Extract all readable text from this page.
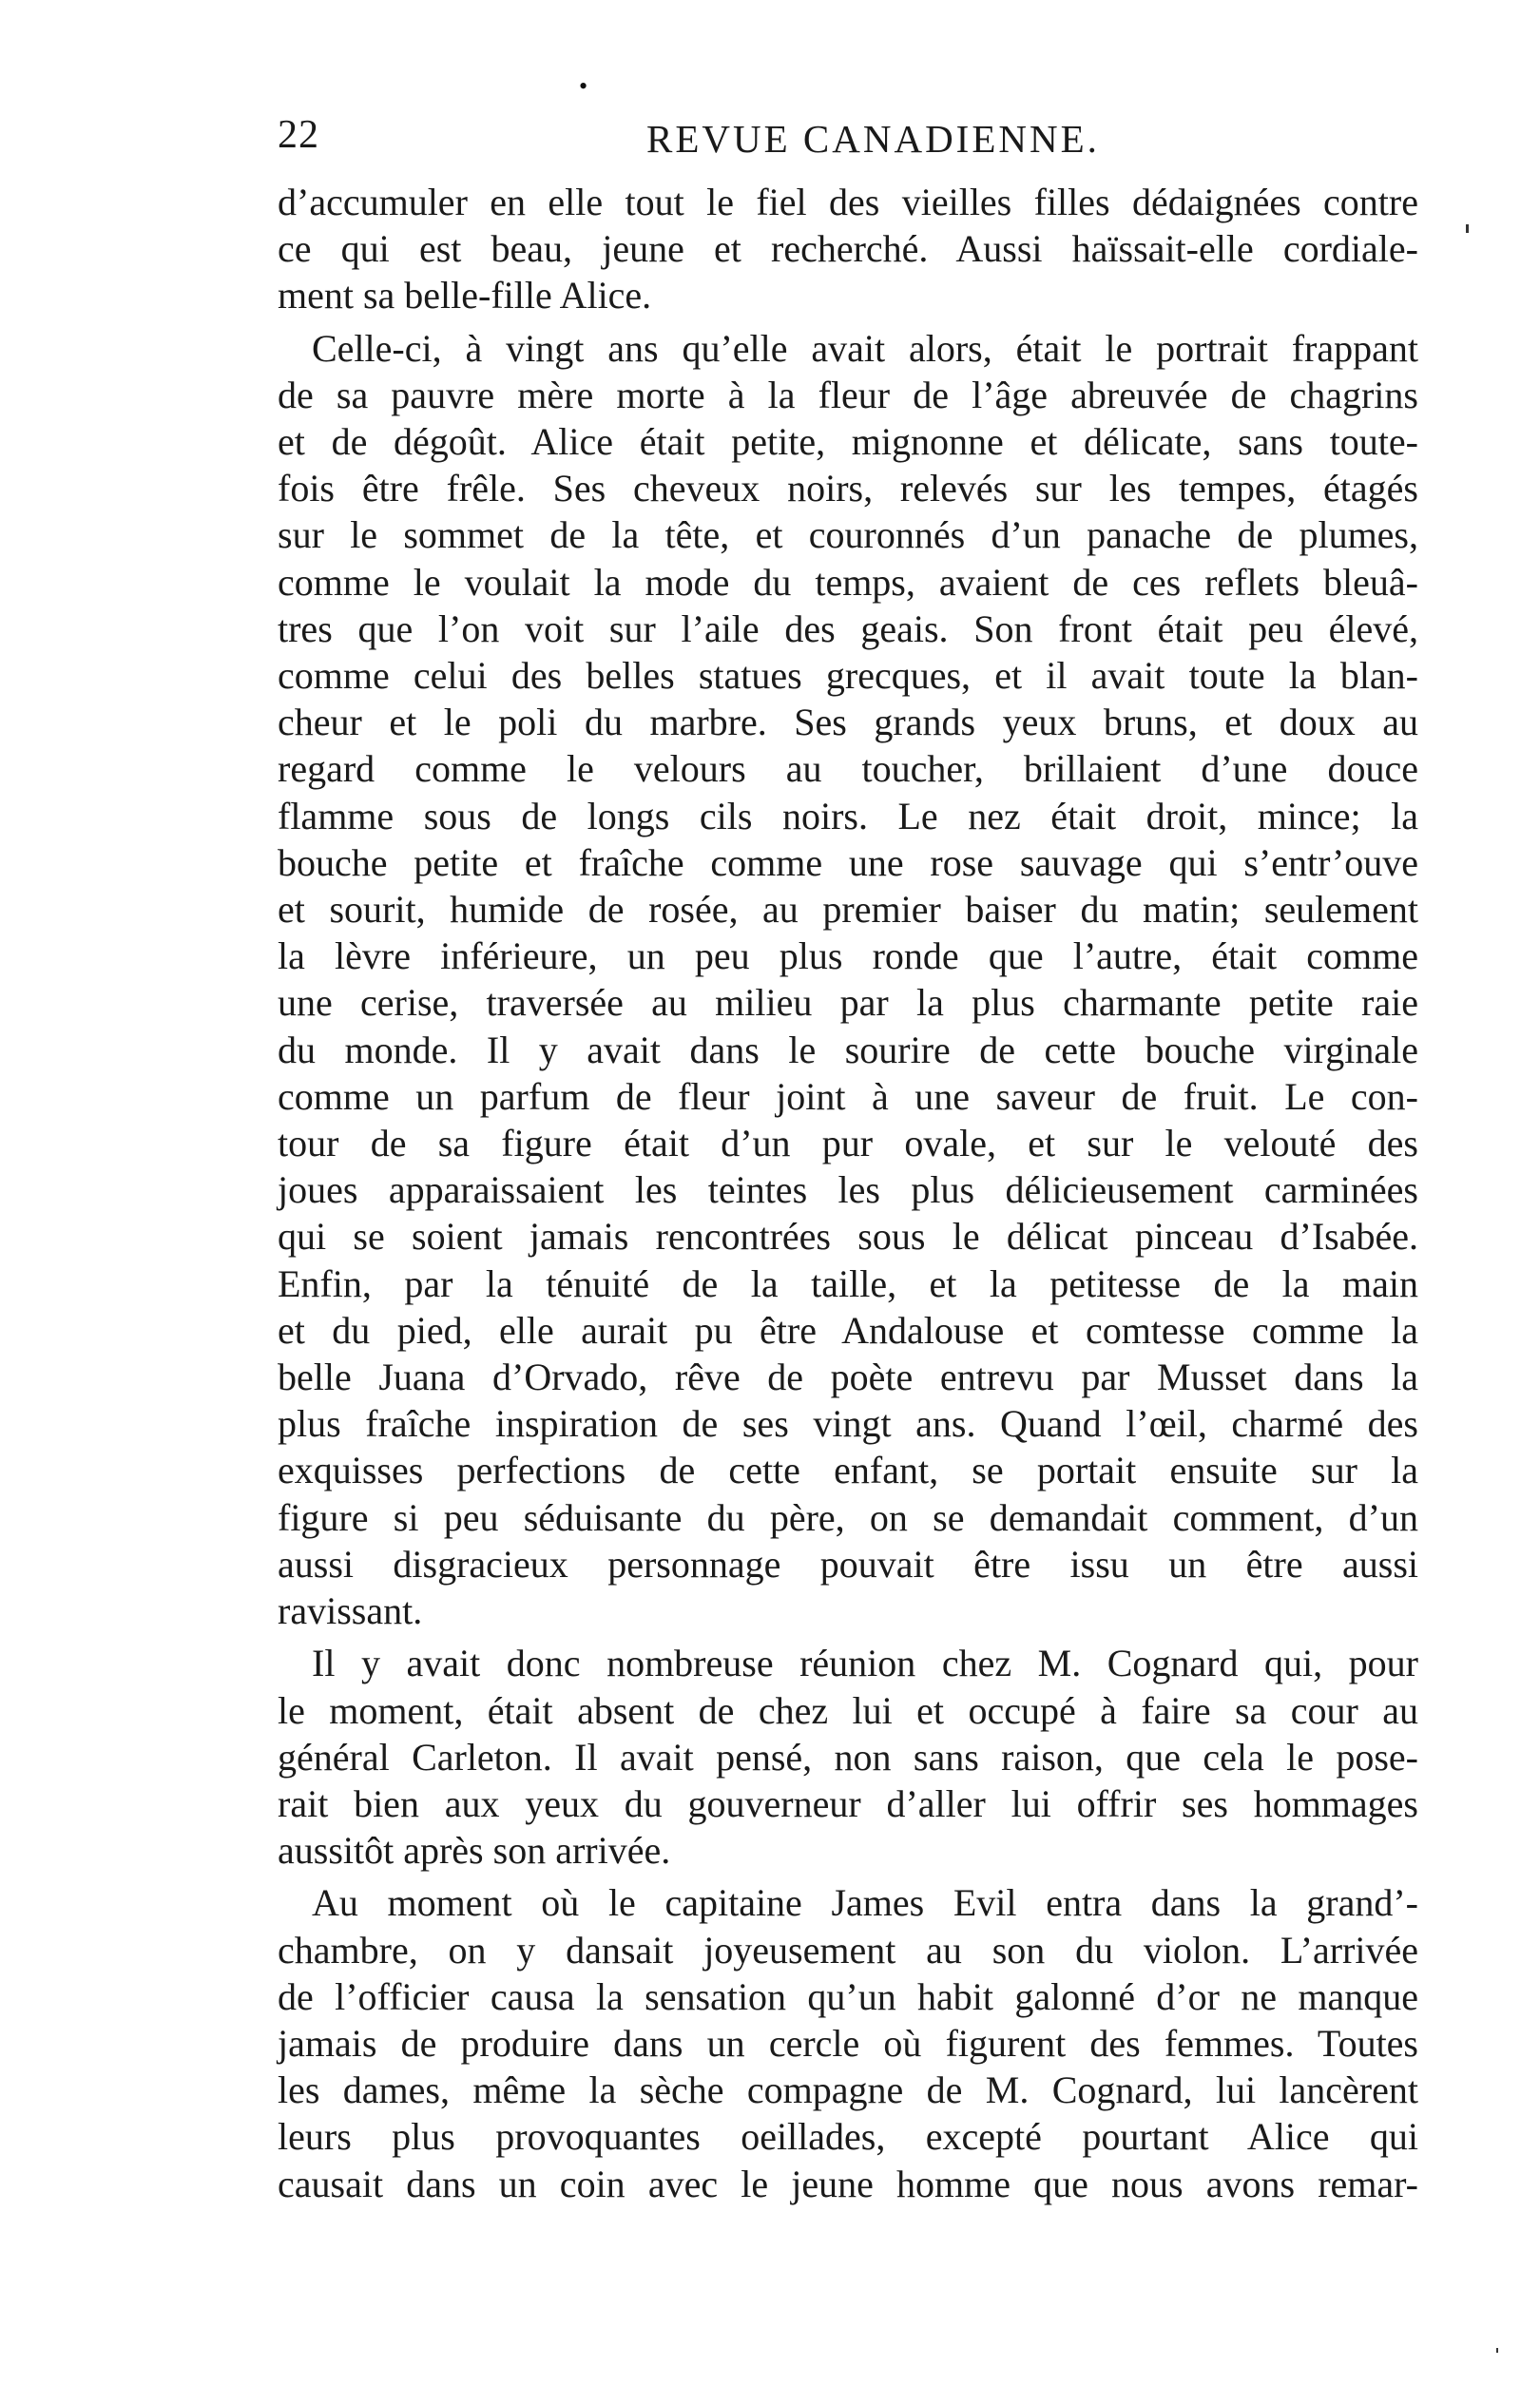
•
22	REVUE CANADIENNE.

d’accumuler en elle tout le fiel des vieilles filles dédaignées contre
ce qui est beau, jeune et recherché. Aussi haïssait-elle cordiale-
ment sa belle-fille Alice.

Celle-ci, à vingt ans qu’elle avait alors, était le portrait frappant
de sa pauvre mère morte à la fleur de l’âge abreuvée de chagrins
et de dégoût. Alice était petite, mignonne et délicate, sans toute-
fois être frêle. Ses cheveux noirs, relevés sur les tempes, étagés
sur le sommet de la tête, et couronnés d’un panache de plumes,
comme le voulait la mode du temps, avaient de ces reflets bleuâ-
tres que l’on voit sur l’aile des geais. Son front était peu élevé,
comme celui des belles statues grecques, et il avait toute la blan-
cheur et le poli du marbre. Ses grands yeux bruns, et doux au
regard comme le velours au toucher, brillaient d’une douce
flamme sous de longs cils noirs. Le nez était droit, mince; la
bouche petite et fraîche comme une rose sauvage qui s’entr’ouve
et sourit, humide de rosée, au premier baiser du matin; seulement
la lèvre inférieure, un peu plus ronde que l’autre, était comme
une cerise, traversée au milieu par la plus charmante petite raie
du monde. Il y avait dans le sourire de cette bouche virginale
comme un parfum de fleur joint à une saveur de fruit. Le con-
tour de sa figure était d’un pur ovale, et sur le velouté des
joues apparaissaient les teintes les plus délicieusement carminées
qui se soient jamais rencontrées sous le délicat pinceau d’Isabée.
Enfin, par la ténuité de la taille, et la petitesse de la main
et du pied, elle aurait pu être Andalouse et comtesse comme la
belle Juana d’Orvado, rêve de poète entrevu par Musset dans la
plus fraîche inspiration de ses vingt ans. Quand l’œil, charmé des
exquisses perfections de cette enfant, se portait ensuite sur la
figure si peu séduisante du père, on se demandait comment, d’un
aussi disgracieux personnage pouvait être issu un être aussi
ravissant.

Il y avait donc nombreuse réunion chez M. Cognard qui, pour
le moment, était absent de chez lui et occupé à faire sa cour au
général Carleton. Il avait pensé, non sans raison, que cela le pose-
rait bien aux yeux du gouverneur d’aller lui offrir ses hommages
aussitôt après son arrivée.

Au moment où le capitaine James Evil entra dans la grand’-
chambre, on y dansait joyeusement au son du violon. L’arrivée
de l’officier causa la sensation qu’un habit galonné d’or ne manque
jamais de produire dans un cercle où figurent des femmes. Toutes
les dames, même la sèche compagne de M. Cognard, lui lancèrent
leurs plus provoquantes oeillades, excepté pourtant Alice qui
causait dans un coin avec le jeune homme que nous avons remar-
